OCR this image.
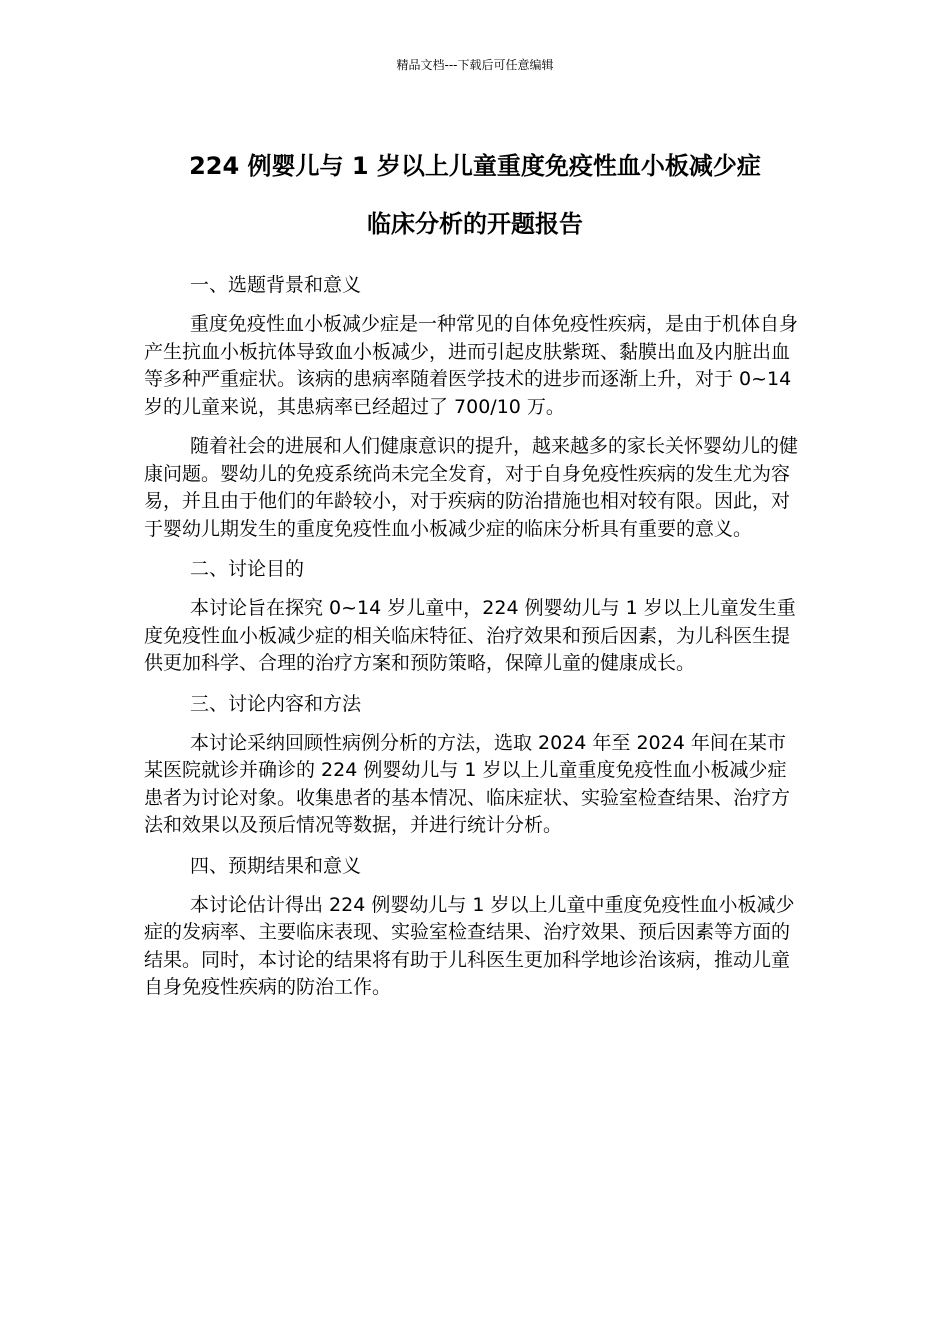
精品文档---下载后可任意编辑
224 例婴儿与 1 岁以上儿童重度免疫性血小板减少症
临床分析的开题报告

一、选题背景和意义

重度免疫性血小板减少症是一种常见的自体免疫性疾病，是由于机体自身产生抗血小板抗体导致血小板减少，进而引起皮肤紫斑、黏膜出血及内脏出血等多种严重症状。该病的患病率随着医学技术的进步而逐渐上升，对于 0~14 岁的儿童来说，其患病率已经超过了 700/10 万。

随着社会的进展和人们健康意识的提升，越来越多的家长关怀婴幼儿的健康问题。婴幼儿的免疫系统尚未完全发育，对于自身免疫性疾病的发生尤为容易，并且由于他们的年龄较小，对于疾病的防治措施也相对较有限。因此，对于婴幼儿期发生的重度免疫性血小板减少症的临床分析具有重要的意义。

二、讨论目的

本讨论旨在探究 0~14 岁儿童中，224 例婴幼儿与 1 岁以上儿童发生重度免疫性血小板减少症的相关临床特征、治疗效果和预后因素，为儿科医生提供更加科学、合理的治疗方案和预防策略，保障儿童的健康成长。

三、讨论内容和方法

本讨论采纳回顾性病例分析的方法，选取 2024 年至 2024 年间在某市某医院就诊并确诊的 224 例婴幼儿与 1 岁以上儿童重度免疫性血小板减少症患者为讨论对象。收集患者的基本情况、临床症状、实验室检查结果、治疗方法和效果以及预后情况等数据，并进行统计分析。

四、预期结果和意义

本讨论估计得出 224 例婴幼儿与 1 岁以上儿童中重度免疫性血小板减少症的发病率、主要临床表现、实验室检查结果、治疗效果、预后因素等方面的结果。同时，本讨论的结果将有助于儿科医生更加科学地诊治该病，推动儿童自身免疫性疾病的防治工作。
